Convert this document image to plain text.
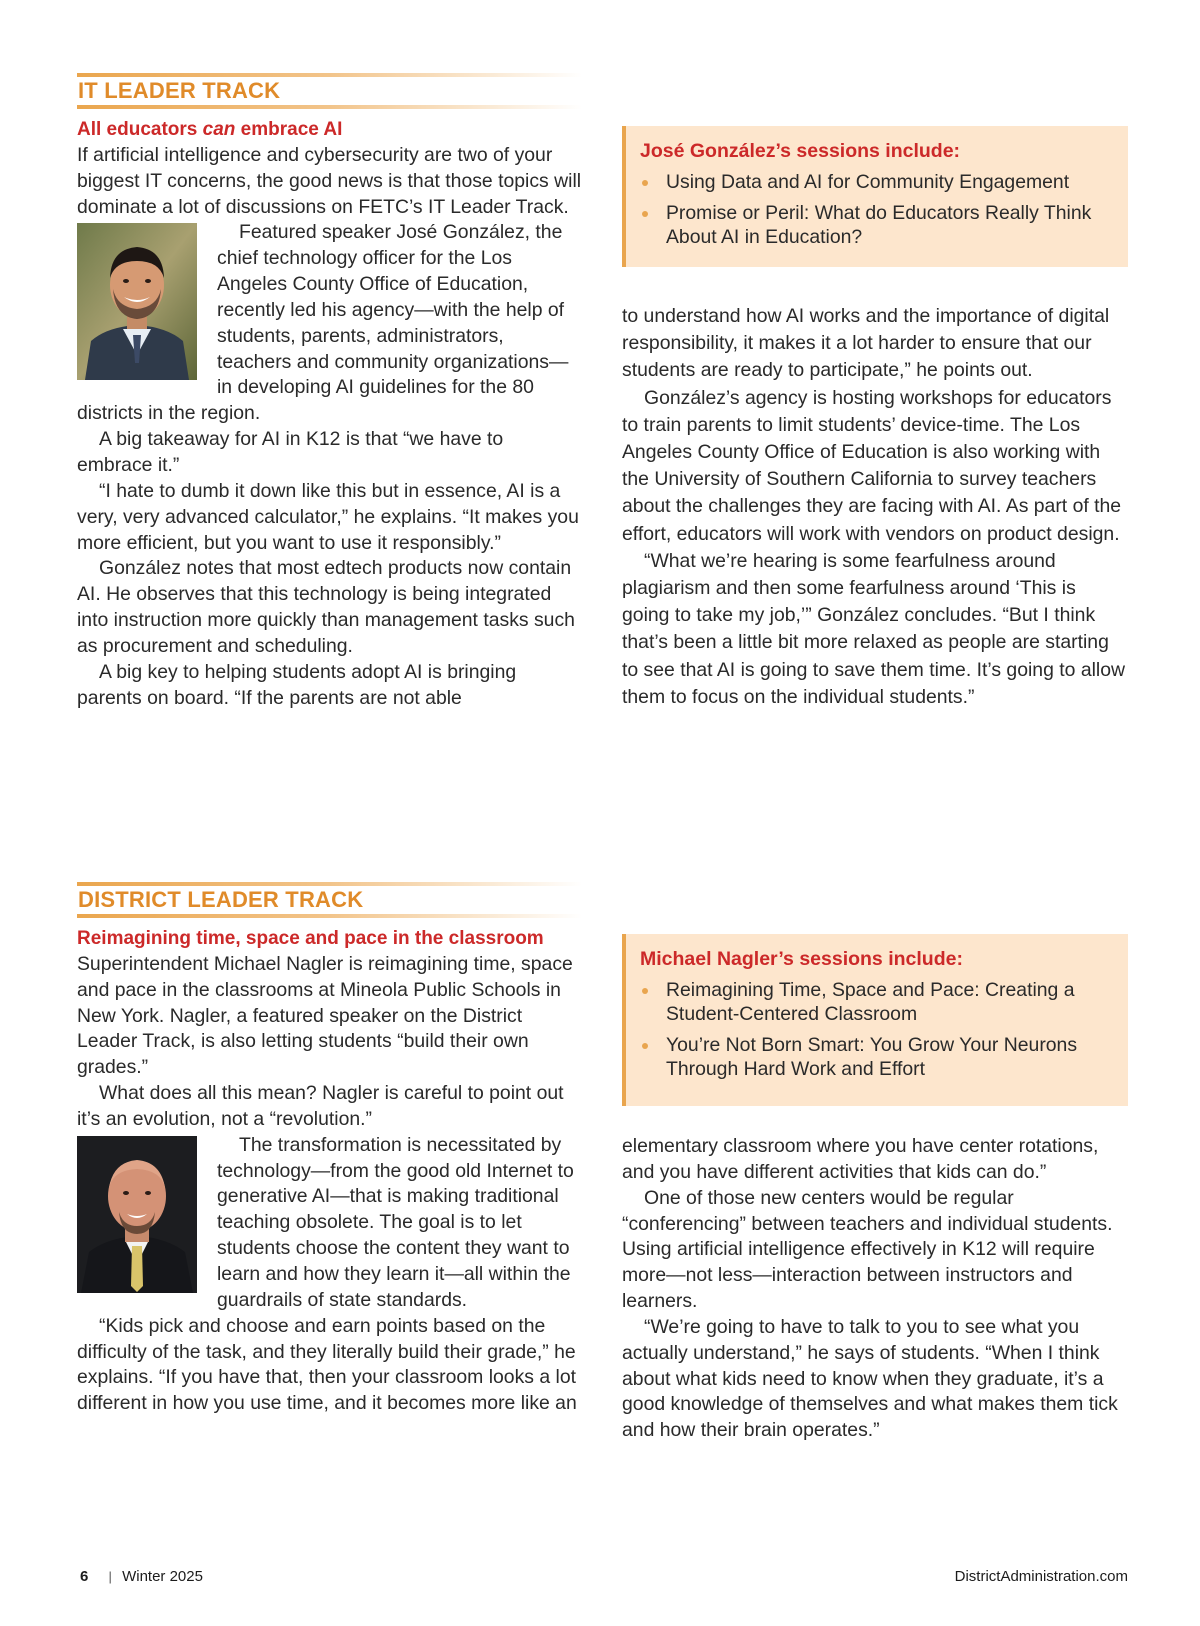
IT LEADER TRACK
All educators can embrace AI

If artificial intelligence and cybersecurity are two of your biggest IT concerns, the good news is that those topics will dominate a lot of discussions on FETC’s IT Leader Track.

Featured speaker José González, the chief technology officer for the Los Angeles County Office of Education, recently led his agency—with the help of students, parents, administrators, teachers and community organizations—in developing AI guidelines for the 80 districts in the region.

A big takeaway for AI in K12 is that “we have to embrace it.”

“I hate to dumb it down like this but in essence, AI is a very, very advanced calculator,” he explains. “It makes you more efficient, but you want to use it responsibly.”

González notes that most edtech products now contain AI. He observes that this technology is being integrated into instruction more quickly than management tasks such as procurement and scheduling.

A big key to helping students adopt AI is bringing parents on board. “If the parents are not able

José González’s sessions include:
Using Data and AI for Community Engagement
Promise or Peril: What do Educators Really Think About AI in Education?

to understand how AI works and the importance of digital responsibility, it makes it a lot harder to ensure that our students are ready to participate,” he points out.

González’s agency is hosting workshops for educators to train parents to limit students’ device-time. The Los Angeles County Office of Education is also working with the University of Southern California to survey teachers about the challenges they are facing with AI. As part of the effort, educators will work with vendors on product design.

“What we’re hearing is some fearfulness around plagiarism and then some fearfulness around ‘This is going to take my job,’” González concludes. “But I think that’s been a little bit more relaxed as people are starting to see that AI is going to save them time. It’s going to allow them to focus on the individual students.”

DISTRICT LEADER TRACK
Reimagining time, space and pace in the classroom

Superintendent Michael Nagler is reimagining time, space and pace in the classrooms at Mineola Public Schools in New York. Nagler, a featured speaker on the District Leader Track, is also letting students “build their own grades.”

What does all this mean? Nagler is careful to point out it’s an evolution, not a “revolution.”

The transformation is necessitated by technology—from the good old Internet to generative AI—that is making traditional teaching obsolete. The goal is to let students choose the content they want to learn and how they learn it—all within the guardrails of state standards.

“Kids pick and choose and earn points based on the difficulty of the task, and they literally build their grade,” he explains. “If you have that, then your classroom looks a lot different in how you use time, and it becomes more like an

Michael Nagler’s sessions include:
Reimagining Time, Space and Pace: Creating a Student-Centered Classroom
You’re Not Born Smart: You Grow Your Neurons Through Hard Work and Effort

elementary classroom where you have center rotations, and you have different activities that kids can do.”

One of those new centers would be regular “conferencing” between teachers and individual students. Using artificial intelligence effectively in K12 will require more—not less—interaction between instructors and learners.

“We’re going to have to talk to you to see what you actually understand,” he says of students. “When I think about what kids need to know when they graduate, it’s a good knowledge of themselves and what makes them tick and how their brain operates.”

6 | Winter 2025	DistrictAdministration.com
